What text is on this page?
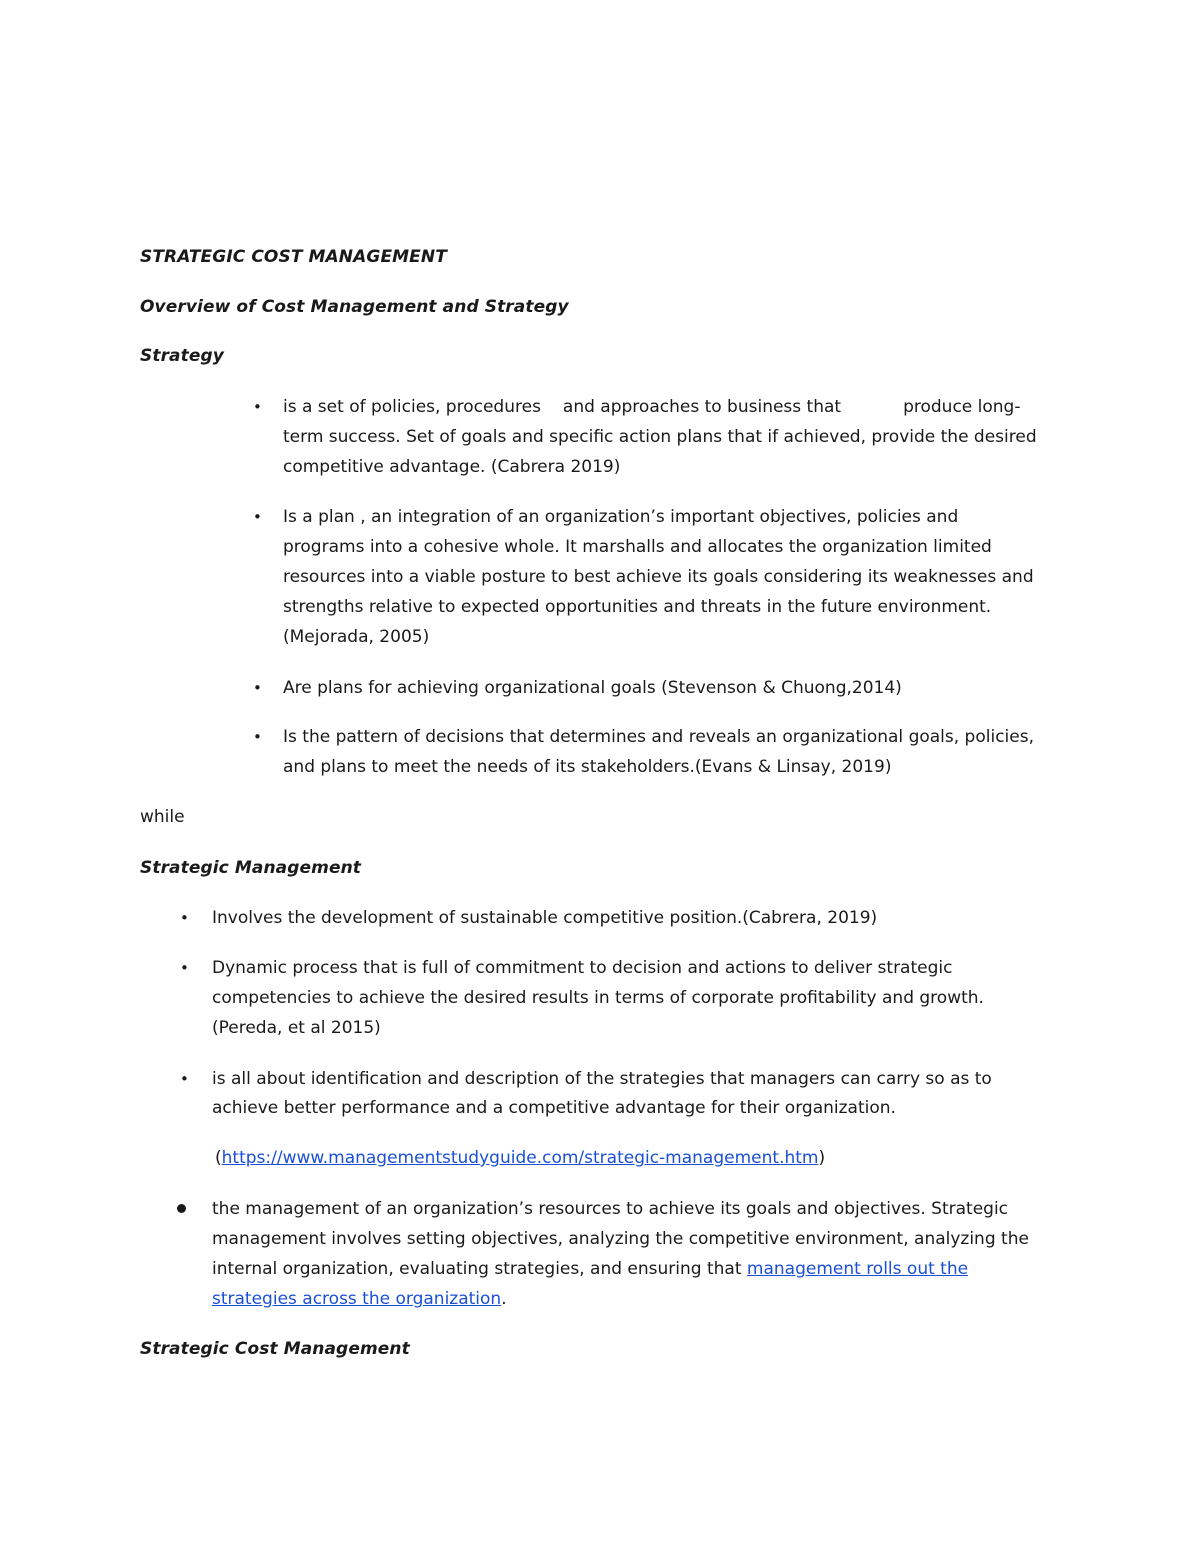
STRATEGIC COST MANAGEMENT
Overview of Cost Management and Strategy
Strategy
• is a set of policies, procedures and approaches to business that	produce long-
term success. Set of goals and specific action plans that if achieved, provide the desired
competitive advantage. (Cabrera 2019)
• Is a plan , an integration of an organization’s important objectives, policies and
programs into a cohesive whole. It marshalls and allocates the organization limited
resources into a viable posture to best achieve its goals considering its weaknesses and
strengths relative to expected opportunities and threats in the future environment.
(Mejorada, 2005)
• Are plans for achieving organizational goals (Stevenson & Chuong,2014)
• Is the pattern of decisions that determines and reveals an organizational goals, policies,
and plans to meet the needs of its stakeholders.(Evans & Linsay, 2019)
while
Strategic Management
• Involves the development of sustainable competitive position.(Cabrera, 2019)
• Dynamic process that is full of commitment to decision and actions to deliver strategic
competencies to achieve the desired results in terms of corporate profitability and growth.
(Pereda, et al 2015)
• is all about identification and description of the strategies that managers can carry so as to
achieve better performance and a competitive advantage for their organization.
(https://www.managementstudyguide.com/strategic-management.htm)
the management of an organization’s resources to achieve its goals and objectives. Strategic
management involves setting objectives, analyzing the competitive environment, analyzing the
internal organization, evaluating strategies, and ensuring that management rolls out the
strategies across the organization.
Strategic Cost Management
